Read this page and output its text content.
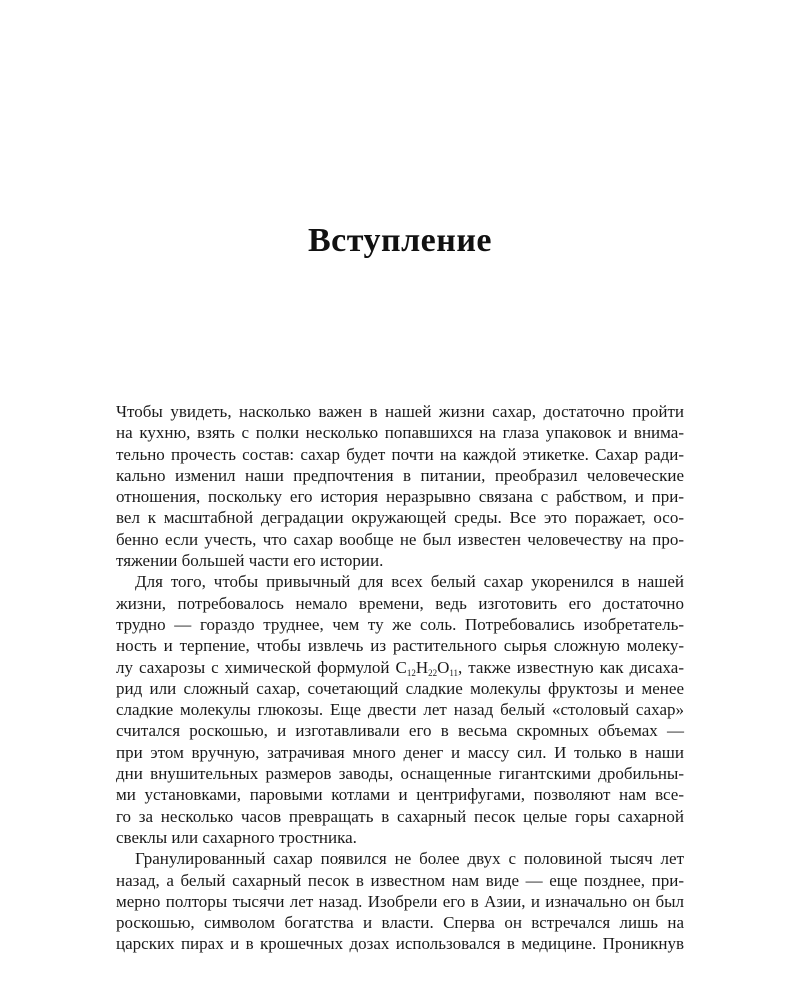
Вступление
Чтобы увидеть, насколько важен в нашей жизни сахар, достаточно пройти
на кухню, взять с полки несколько попавшихся на глаза упаковок и внима-
тельно прочесть состав: сахар будет почти на каждой этикетке. Сахар ради-
кально изменил наши предпочтения в питании, преобразил человеческие
отношения, поскольку его история неразрывно связана с рабством, и при-
вел к масштабной деградации окружающей среды. Все это поражает, осо-
бенно если учесть, что сахар вообще не был известен человечеству на про-
тяжении большей части его истории.
Для того, чтобы привычный для всех белый сахар укоренился в нашей
жизни, потребовалось немало времени, ведь изготовить его достаточно
трудно — гораздо труднее, чем ту же соль. Потребовались изобретатель-
ность и терпение, чтобы извлечь из растительного сырья сложную молеку-
лу сахарозы с химической формулой $C_{12}H_{22}O_{11}$, также известную как дисаха-
рид или сложный сахар, сочетающий сладкие молекулы фруктозы и менее
сладкие молекулы глюкозы. Еще двести лет назад белый «столовый сахар»
считался роскошью, и изготавливали его в весьма скромных объемах —
при этом вручную, затрачивая много денег и массу сил. И только в наши
дни внушительных размеров заводы, оснащенные гигантскими дробильны-
ми установками, паровыми котлами и центрифугами, позволяют нам все-
го за несколько часов превращать в сахарный песок целые горы сахарной
свеклы или сахарного тростника.
Гранулированный сахар появился не более двух с половиной тысяч лет
назад, а белый сахарный песок в известном нам виде — еще позднее, при-
мерно полторы тысячи лет назад. Изобрели его в Азии, и изначально он был
роскошью, символом богатства и власти. Сперва он встречался лишь на
царских пирах и в крошечных дозах использовался в медицине. Проникнув
